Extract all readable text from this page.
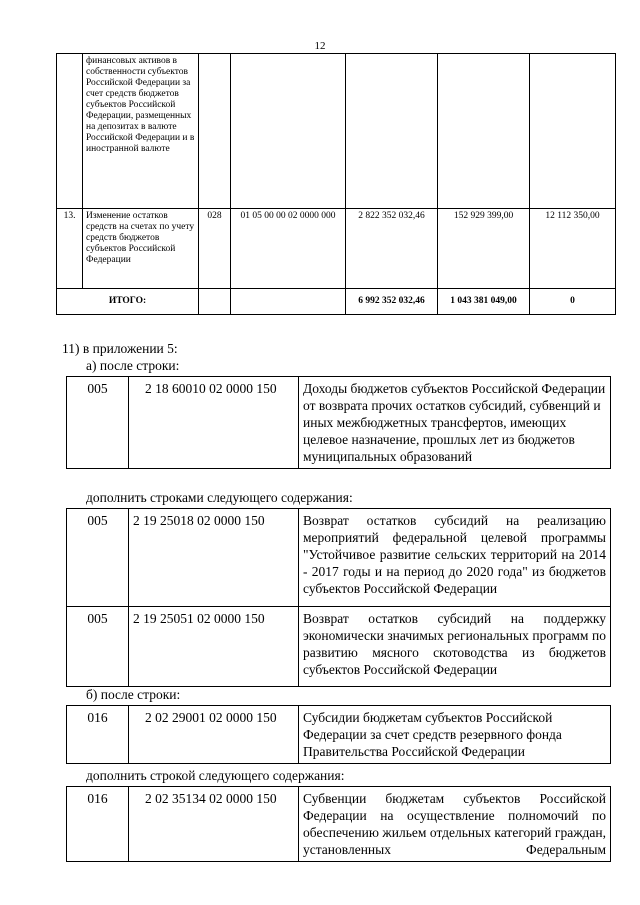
12
	финансовых активов в собственности субъектов Российской Федерации за счет средств бюджетов субъектов Российской Федерации, размещенных на депозитах в валюте Российской Федерации и в иностранной валюте					
13.	Изменение остатков средств на счетах по учету средств бюджетов субъектов Российской Федерации	028	01 05 00 00 02 0000 000	2 822 352 032,46	152 929 399,00	12 112 350,00
ИТОГО:				6 992 352 032,46	1 043 381 049,00	0
11) в приложении 5:
а) после строки:
005	2 18 60010 02 0000 150	Доходы бюджетов субъектов Российской Федерации от возврата прочих остатков субсидий, субвенций и иных межбюджетных трансфертов, имеющих целевое назначение, прошлых лет из бюджетов муниципальных образований
дополнить строками следующего содержания:
005	2 19 25018 02 0000 150	Возврат остатков субсидий на реализацию мероприятий федеральной целевой программы "Устойчивое развитие сельских территорий на 2014 - 2017 годы и на период до 2020 года" из бюджетов субъектов Российской Федерации
005	2 19 25051 02 0000 150	Возврат остатков субсидий на поддержку экономически значимых региональных программ по развитию мясного скотоводства из бюджетов субъектов Российской Федерации
б) после строки:
016	2 02 29001 02 0000 150	Субсидии бюджетам субъектов Российской Федерации за счет средств резервного фонда Правительства Российской Федерации
дополнить строкой следующего содержания:
016	2 02 35134 02 0000 150	Субвенции бюджетам субъектов Российской Федерации на осуществление полномочий по обеспечению жильем отдельных категорий граждан, установленных Федеральным
